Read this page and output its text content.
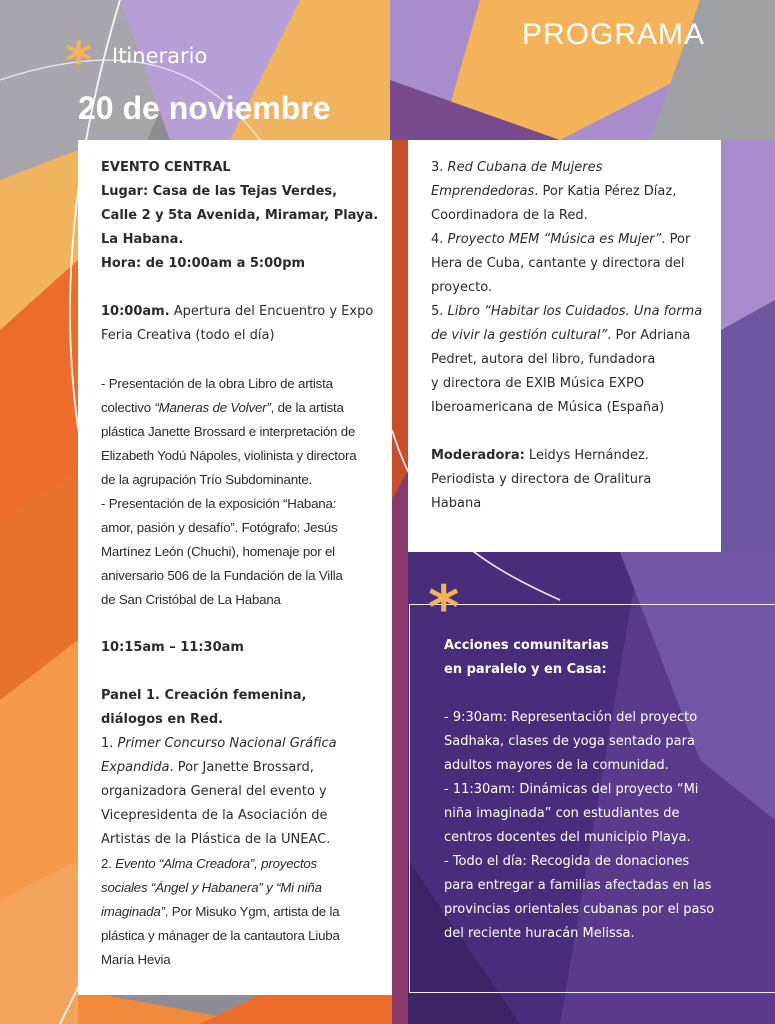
* Itinerario
PROGRAMA
20 de noviembre

EVENTO CENTRAL

Lugar: Casa de las Tejas Verdes,

Calle 2 y 5ta Avenida, Miramar, Playa.

La Habana.

Hora: de 10:00am a 5:00pm

10:00am. Apertura del Encuentro y Expo

Feria Creativa (todo el día)

- Presentación de la obra Libro de artista

colectivo “Maneras de Volver”, de la artista

plástica Janette Brossard e interpretación de

Elizabeth Yodú Nápoles, violinista y directora

de la agrupación Trío Subdominante.

- Presentación de la exposición “Habana:

amor, pasión y desafío”. Fotógrafo: Jesús

Martínez León (Chuchi), homenaje por el

aniversario 506 de la Fundación de la Villa

de San Cristóbal de La Habana

10:15am – 11:30am

Panel 1. Creación femenina,

diálogos en Red.

1. Primer Concurso Nacional Gráfica

Expandida. Por Janette Brossard,

organizadora General del evento y

Vicepresidenta de la Asociación de

Artistas de la Plástica de la UNEAC.

2. Evento “Alma Creadora”, proyectos

sociales “Ángel y Habanera” y “Mi niña

imaginada”. Por Misuko Ygm, artista de la

plástica y mánager de la cantautora Liuba

María Hevia

3. Red Cubana de Mujeres

Emprendedoras. Por Katia Pérez Díaz,

Coordinadora de la Red.

4. Proyecto MEM “Música es Mujer”. Por

Hera de Cuba, cantante y directora del

proyecto.

5. Libro “Habitar los Cuidados. Una forma

de vivir la gestión cultural”. Por Adriana

Pedret, autora del libro, fundadora

y directora de EXIB Música EXPO

Iberoamericana de Música (España)

Moderadora: Leidys Hernández.

Periodista y directora de Oralitura

Habana

*

Acciones comunitarias

en paralelo y en Casa:

- 9:30am: Representación del proyecto

Sadhaka, clases de yoga sentado para

adultos mayores de la comunidad.

- 11:30am: Dinámicas del proyecto “Mi

niña imaginada” con estudiantes de

centros docentes del municipio Playa.

- Todo el día: Recogida de donaciones

para entregar a familias afectadas en las

provincias orientales cubanas por el paso

del reciente huracán Melissa.
